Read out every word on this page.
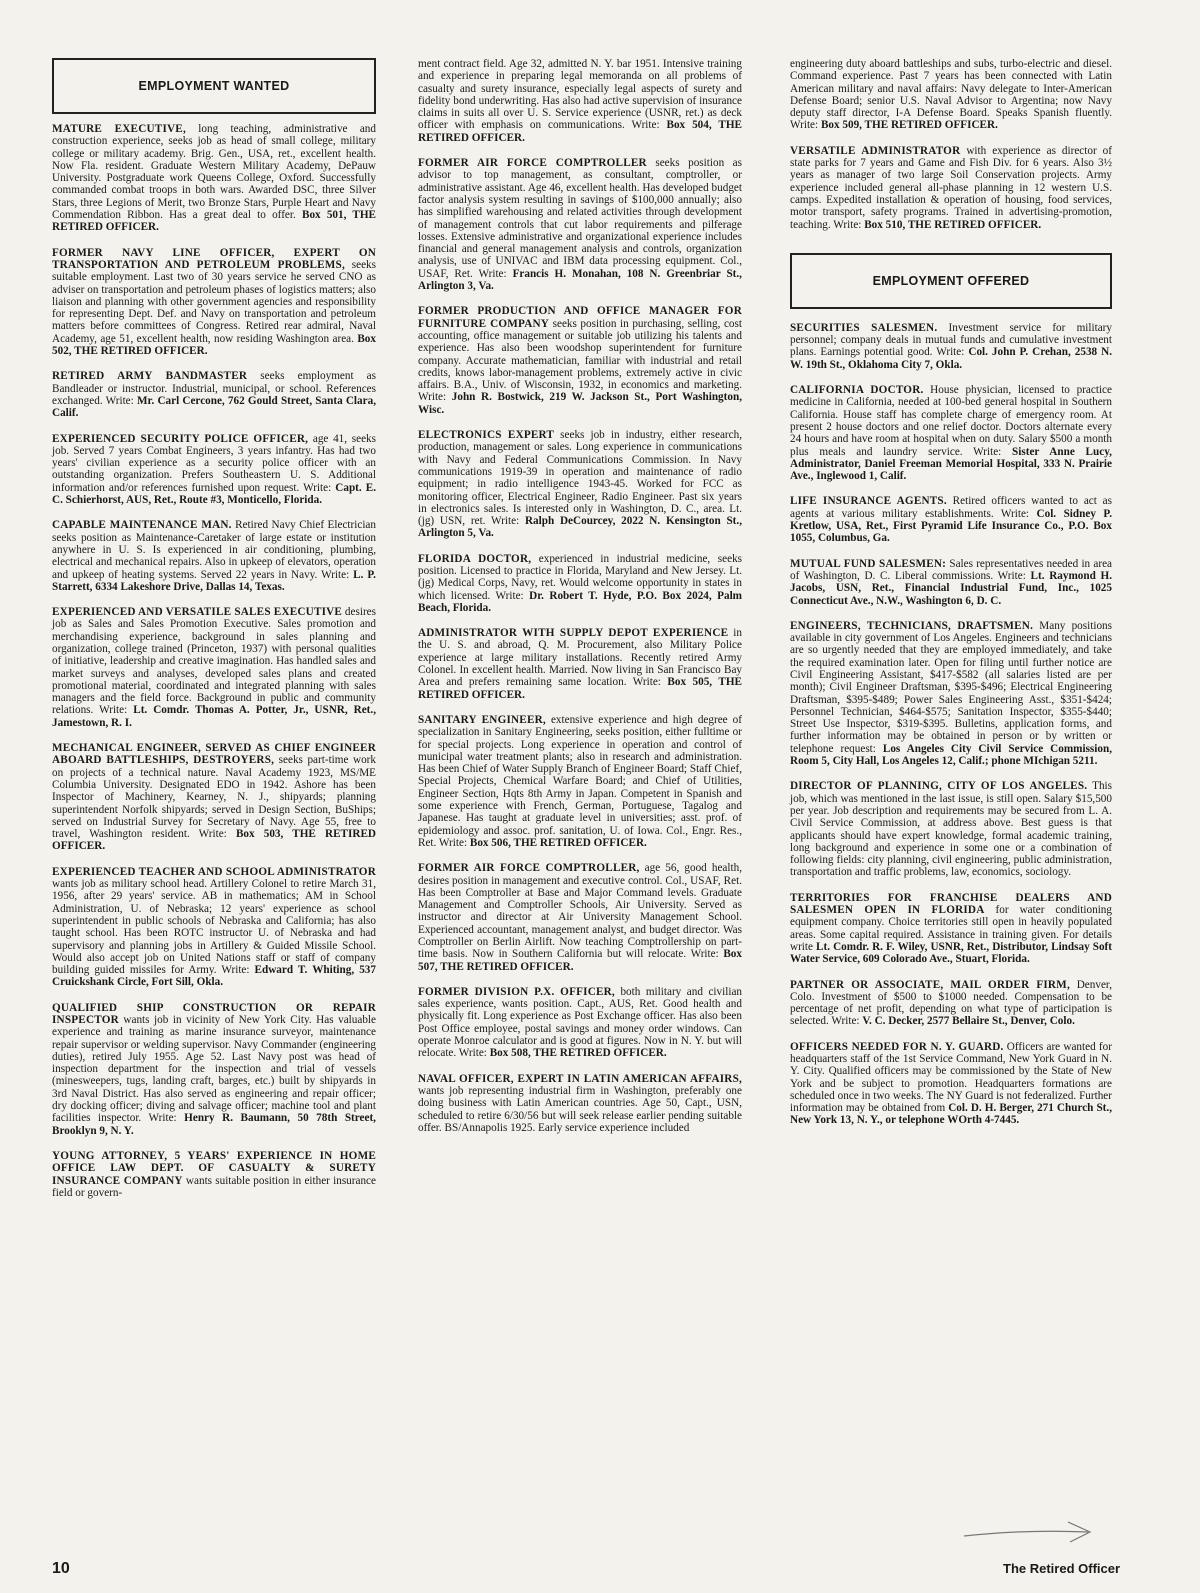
EMPLOYMENT WANTED

MATURE EXECUTIVE, long teaching, administrative and construction experience, seeks job as head of small college, military college or military academy. Brig. Gen., USA, ret., excellent health. Now Fla. resident. Graduate Western Military Academy, DePauw University. Postgraduate work Queens College, Oxford. Successfully commanded combat troops in both wars. Awarded DSC, three Silver Stars, three Legions of Merit, two Bronze Stars, Purple Heart and Navy Commendation Ribbon. Has a great deal to offer. Box 501, THE RETIRED OFFICER.

FORMER NAVY LINE OFFICER, EXPERT ON TRANSPORTATION AND PETROLEUM PROBLEMS, seeks suitable employment. Last two of 30 years service he served CNO as adviser on transportation and petroleum phases of logistics matters; also liaison and planning with other government agencies and responsibility for representing Dept. Def. and Navy on transportation and petroleum matters before committees of Congress. Retired rear admiral, Naval Academy, age 51, excellent health, now residing Washington area. Box 502, THE RETIRED OFFICER.

RETIRED ARMY BANDMASTER seeks employment as Bandleader or instructor. Industrial, municipal, or school. References exchanged. Write: Mr. Carl Cercone, 762 Gould Street, Santa Clara, Calif.

EXPERIENCED SECURITY POLICE OFFICER, age 41, seeks job. Served 7 years Combat Engineers, 3 years infantry. Has had two years' civilian experience as a security police officer with an outstanding organization. Prefers Southeastern U. S. Additional information and/or references furnished upon request. Write: Capt. E. C. Schierhorst, AUS, Ret., Route #3, Monticello, Florida.

CAPABLE MAINTENANCE MAN. Retired Navy Chief Electrician seeks position as Maintenance-Caretaker of large estate or institution anywhere in U. S. Is experienced in air conditioning, plumbing, electrical and mechanical repairs. Also in upkeep of elevators, operation and upkeep of heating systems. Served 22 years in Navy. Write: L. P. Starrett, 6334 Lakeshore Drive, Dallas 14, Texas.

EXPERIENCED AND VERSATILE SALES EXECUTIVE desires job as Sales and Sales Promotion Executive. Sales promotion and merchandising experience, background in sales planning and organization, college trained (Princeton, 1937) with personal qualities of initiative, leadership and creative imagination. Has handled sales and market surveys and analyses, developed sales plans and created promotional material, coordinated and integrated planning with sales managers and the field force. Background in public and community relations. Write: Lt. Comdr. Thomas A. Potter, Jr., USNR, Ret., Jamestown, R. I.

MECHANICAL ENGINEER, SERVED AS CHIEF ENGINEER ABOARD BATTLESHIPS, DESTROYERS, seeks part-time work on projects of a technical nature. Naval Academy 1923, MS/ME Columbia University. Designated EDO in 1942. Ashore has been Inspector of Machinery, Kearney, N. J., shipyards; planning superintendent Norfolk shipyards; served in Design Section, BuShips; served on Industrial Survey for Secretary of Navy. Age 55, free to travel, Washington resident. Write: Box 503, THE RETIRED OFFICER.

EXPERIENCED TEACHER AND SCHOOL ADMINISTRATOR wants job as military school head. Artillery Colonel to retire March 31, 1956, after 29 years' service. AB in mathematics; AM in School Administration, U. of Nebraska; 12 years' experience as school superintendent in public schools of Nebraska and California; has also taught school. Has been ROTC instructor U. of Nebraska and had supervisory and planning jobs in Artillery & Guided Missile School. Would also accept job on United Nations staff or staff of company building guided missiles for Army. Write: Edward T. Whiting, 537 Cruickshank Circle, Fort Sill, Okla.

QUALIFIED SHIP CONSTRUCTION OR REPAIR INSPECTOR wants job in vicinity of New York City. Has valuable experience and training as marine insurance surveyor, maintenance repair supervisor or welding supervisor. Navy Commander (engineering duties), retired July 1955. Age 52. Last Navy post was head of inspection department for the inspection and trial of vessels (minesweepers, tugs, landing craft, barges, etc.) built by shipyards in 3rd Naval District. Has also served as engineering and repair officer; dry docking officer; diving and salvage officer; machine tool and plant facilities inspector. Write: Henry R. Baumann, 50 78th Street, Brooklyn 9, N. Y.

YOUNG ATTORNEY, 5 YEARS' EXPERIENCE IN HOME OFFICE LAW DEPT. OF CASUALTY & SURETY INSURANCE COMPANY wants suitable position in either insurance field or govern-

ment contract field. Age 32, admitted N. Y. bar 1951. Intensive training and experience in preparing legal memoranda on all problems of casualty and surety insurance, especially legal aspects of surety and fidelity bond underwriting. Has also had active supervision of insurance claims in suits all over U. S. Service experience (USNR, ret.) as deck officer with emphasis on communications. Write: Box 504, THE RETIRED OFFICER.

FORMER AIR FORCE COMPTROLLER seeks position as advisor to top management, as consultant, comptroller, or administrative assistant. Age 46, excellent health. Has developed budget factor analysis system resulting in savings of $100,000 annually; also has simplified warehousing and related activities through development of management controls that cut labor requirements and pilferage losses. Extensive administrative and organizational experience includes financial and general management analysis and controls, organization analysis, use of UNIVAC and IBM data processing equipment. Col., USAF, Ret. Write: Francis H. Monahan, 108 N. Greenbriar St., Arlington 3, Va.

FORMER PRODUCTION AND OFFICE MANAGER FOR FURNITURE COMPANY seeks position in purchasing, selling, cost accounting, office management or suitable job utilizing his talents and experience. Has also been woodshop superintendent for furniture company. Accurate mathematician, familiar with industrial and retail credits, knows labor-management problems, extremely active in civic affairs. B.A., Univ. of Wisconsin, 1932, in economics and marketing. Write: John R. Bostwick, 219 W. Jackson St., Port Washington, Wisc.

ELECTRONICS EXPERT seeks job in industry, either research, production, management or sales. Long experience in communications with Navy and Federal Communications Commission. In Navy communications 1919-39 in operation and maintenance of radio equipment; in radio intelligence 1943-45. Worked for FCC as monitoring officer, Electrical Engineer, Radio Engineer. Past six years in electronics sales. Is interested only in Washington, D. C., area. Lt. (jg) USN, ret. Write: Ralph DeCourcey, 2022 N. Kensington St., Arlington 5, Va.

FLORIDA DOCTOR, experienced in industrial medicine, seeks position. Licensed to practice in Florida, Maryland and New Jersey. Lt. (jg) Medical Corps, Navy, ret. Would welcome opportunity in states in which licensed. Write: Dr. Robert T. Hyde, P.O. Box 2024, Palm Beach, Florida.

ADMINISTRATOR WITH SUPPLY DEPOT EXPERIENCE in the U. S. and abroad, Q. M. Procurement, also Military Police experience at large military installations. Recently retired Army Colonel. In excellent health. Married. Now living in San Francisco Bay Area and prefers remaining same location. Write: Box 505, THE RETIRED OFFICER.

SANITARY ENGINEER, extensive experience and high degree of specialization in Sanitary Engineering, seeks position, either fulltime or for special projects. Long experience in operation and control of municipal water treatment plants; also in research and administration. Has been Chief of Water Supply Branch of Engineer Board; Staff Chief, Special Projects, Chemical Warfare Board; and Chief of Utilities, Engineer Section, Hqts 8th Army in Japan. Competent in Spanish and some experience with French, German, Portuguese, Tagalog and Japanese. Has taught at graduate level in universities; asst. prof. of epidemiology and assoc. prof. sanitation, U. of Iowa. Col., Engr. Res., Ret. Write: Box 506, THE RETIRED OFFICER.

FORMER AIR FORCE COMPTROLLER, age 56, good health, desires position in management and executive control. Col., USAF, Ret. Has been Comptroller at Base and Major Command levels. Graduate Management and Comptroller Schools, Air University. Served as instructor and director at Air University Management School. Experienced accountant, management analyst, and budget director. Was Comptroller on Berlin Airlift. Now teaching Comptrollership on part-time basis. Now in Southern California but will relocate. Write: Box 507, THE RETIRED OFFICER.

FORMER DIVISION P.X. OFFICER, both military and civilian sales experience, wants position. Capt., AUS, Ret. Good health and physically fit. Long experience as Post Exchange officer. Has also been Post Office employee, postal savings and money order windows. Can operate Monroe calculator and is good at figures. Now in N. Y. but will relocate. Write: Box 508, THE RETIRED OFFICER.

NAVAL OFFICER, EXPERT IN LATIN AMERICAN AFFAIRS, wants job representing industrial firm in Washington, preferably one doing business with Latin American countries. Age 50, Capt., USN, scheduled to retire 6/30/56 but will seek release earlier pending suitable offer. BS/Annapolis 1925. Early service experience included

engineering duty aboard battleships and subs, turbo-electric and diesel. Command experience. Past 7 years has been connected with Latin American military and naval affairs: Navy delegate to Inter-American Defense Board; senior U.S. Naval Advisor to Argentina; now Navy deputy staff director, I-A Defense Board. Speaks Spanish fluently. Write: Box 509, THE RETIRED OFFICER.

VERSATILE ADMINISTRATOR with experience as director of state parks for 7 years and Game and Fish Div. for 6 years. Also 3½ years as manager of two large Soil Conservation projects. Army experience included general all-phase planning in 12 western U.S. camps. Expedited installation & operation of housing, food services, motor transport, safety programs. Trained in advertising-promotion, teaching. Write: Box 510, THE RETIRED OFFICER.

EMPLOYMENT OFFERED

SECURITIES SALESMEN. Investment service for military personnel; company deals in mutual funds and cumulative investment plans. Earnings potential good. Write: Col. John P. Crehan, 2538 N. W. 19th St., Oklahoma City 7, Okla.

CALIFORNIA DOCTOR. House physician, licensed to practice medicine in California, needed at 100-bed general hospital in Southern California. House staff has complete charge of emergency room. At present 2 house doctors and one relief doctor. Doctors alternate every 24 hours and have room at hospital when on duty. Salary $500 a month plus meals and laundry service. Write: Sister Anne Lucy, Administrator, Daniel Freeman Memorial Hospital, 333 N. Prairie Ave., Inglewood 1, Calif.

LIFE INSURANCE AGENTS. Retired officers wanted to act as agents at various military establishments. Write: Col. Sidney P. Kretlow, USA, Ret., First Pyramid Life Insurance Co., P.O. Box 1055, Columbus, Ga.

MUTUAL FUND SALESMEN: Sales representatives needed in area of Washington, D. C. Liberal commissions. Write: Lt. Raymond H. Jacobs, USN, Ret., Financial Industrial Fund, Inc., 1025 Connecticut Ave., N.W., Washington 6, D. C.

ENGINEERS, TECHNICIANS, DRAFTSMEN. Many positions available in city government of Los Angeles. Engineers and technicians are so urgently needed that they are employed immediately, and take the required examination later. Open for filing until further notice are Civil Engineering Assistant, $417-$582 (all salaries listed are per month); Civil Engineer Draftsman, $395-$496; Electrical Engineering Draftsman, $395-$489; Power Sales Engineering Asst., $351-$424; Personnel Technician, $464-$575; Sanitation Inspector, $355-$440; Street Use Inspector, $319-$395. Bulletins, application forms, and further information may be obtained in person or by written or telephone request: Los Angeles City Civil Service Commission, Room 5, City Hall, Los Angeles 12, Calif.; phone MIchigan 5211.

DIRECTOR OF PLANNING, CITY OF LOS ANGELES. This job, which was mentioned in the last issue, is still open. Salary $15,500 per year. Job description and requirements may be secured from L. A. Civil Service Commission, at address above. Best guess is that applicants should have expert knowledge, formal academic training, long background and experience in some one or a combination of following fields: city planning, civil engineering, public administration, transportation and traffic problems, law, economics, sociology.

TERRITORIES FOR FRANCHISE DEALERS AND SALESMEN OPEN IN FLORIDA for water conditioning equipment company. Choice territories still open in heavily populated areas. Some capital required. Assistance in training given. For details write Lt. Comdr. R. F. Wiley, USNR, Ret., Distributor, Lindsay Soft Water Service, 609 Colorado Ave., Stuart, Florida.

PARTNER OR ASSOCIATE, MAIL ORDER FIRM, Denver, Colo. Investment of $500 to $1000 needed. Compensation to be percentage of net profit, depending on what type of participation is selected. Write: V. C. Decker, 2577 Bellaire St., Denver, Colo.

OFFICERS NEEDED FOR N. Y. GUARD. Officers are wanted for headquarters staff of the 1st Service Command, New York Guard in N. Y. City. Qualified officers may be commissioned by the State of New York and be subject to promotion. Headquarters formations are scheduled once in two weeks. The NY Guard is not federalized. Further information may be obtained from Col. D. H. Berger, 271 Church St., New York 13, N. Y., or telephone WOrth 4-7445.

10	The Retired Officer
